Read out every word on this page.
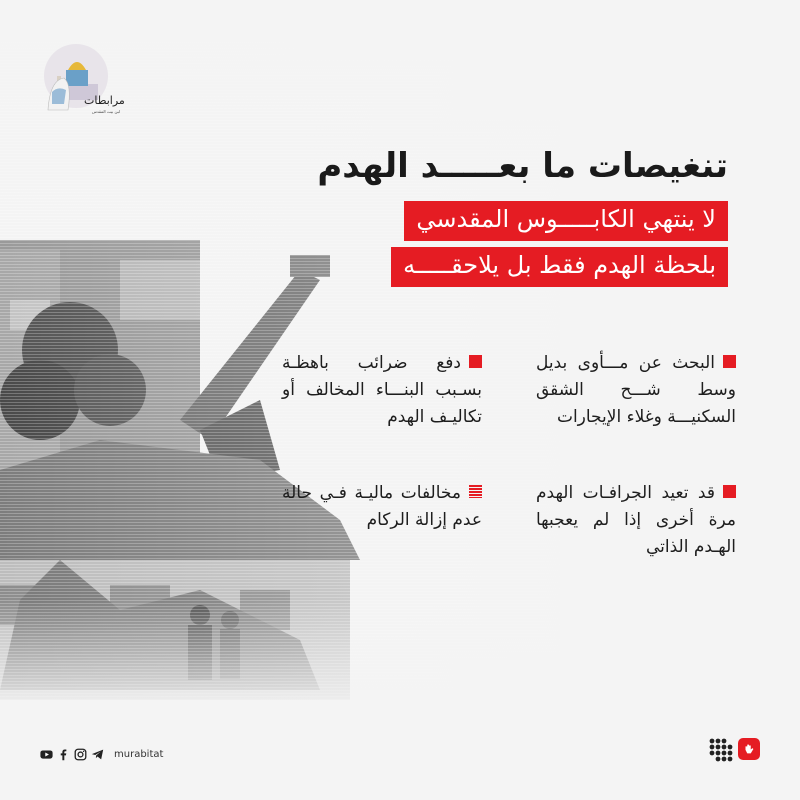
مرابطات
لبن بيت المقدس
تنغيصات ما بعـــــد الهدم
لا ينتهي الكابـــــوس المقدسي
بلحظة الهدم فقط بل يلاحقـــــه
البحث عن مـــأوى بديل وسط شـــح الشقق السكنيـــة وغلاء الإيجارات
دفع ضرائب باهظـة بسـبب البنـــاء المخالف أو تكاليـف الهدم
قد تعيد الجرافـات الهدم مرة أخرى إذا لم يعجبها الهـدم الذاتي
مخالفات ماليـة فـي حالة عدم إزالة الركام
murabitat
